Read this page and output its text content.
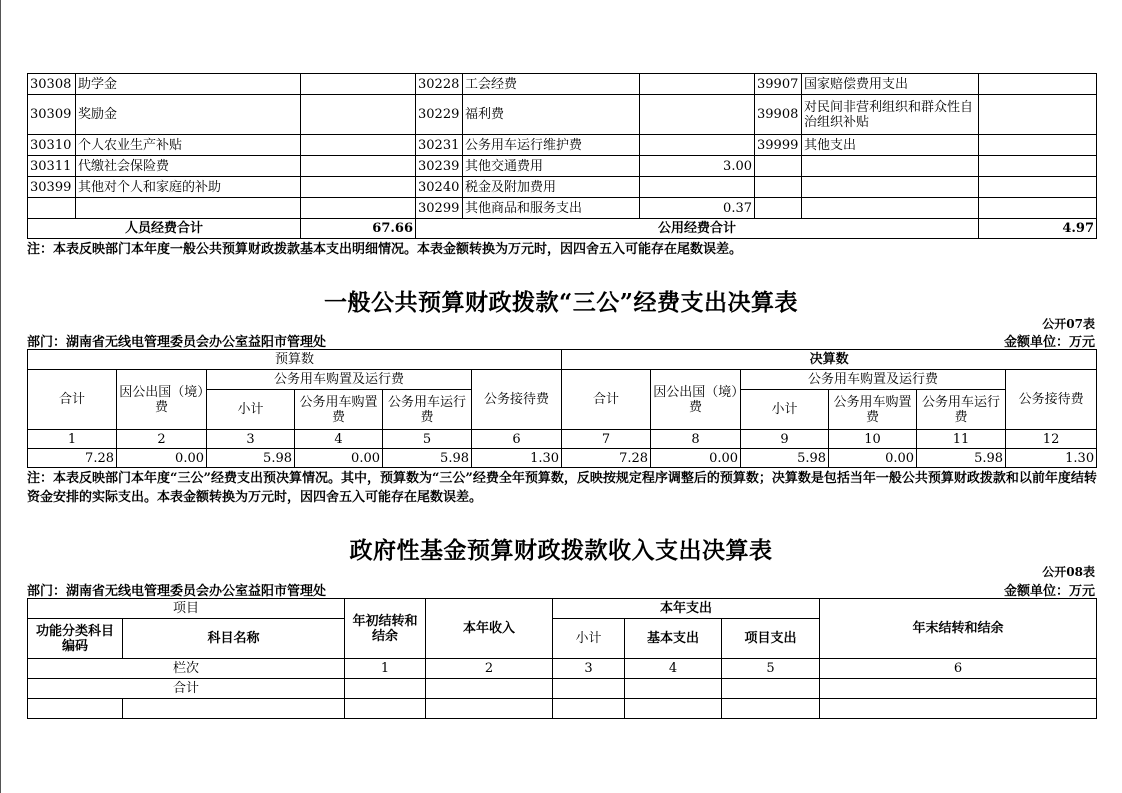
30308	助学金		30228	工会经费		39907	国家赔偿费用支出	
30309	奖励金		30229	福利费		39908	对民间非营利组织和群众性自治组织补贴	
30310	个人农业生产补贴		30231	公务用车运行维护费		39999	其他支出	
30311	代缴社会保险费		30239	其他交通费用	3.00			
30399	其他对个人和家庭的补助		30240	税金及附加费用				
			30299	其他商品和服务支出	0.37			
人员经费合计		67.66	公用经费合计					4.97
注：本表反映部门本年度一般公共预算财政拨款基本支出明细情况。本表金额转换为万元时，因四舍五入可能存在尾数误差。
一般公共预算财政拨款“三公”经费支出决算表
公开07表
部门：湖南省无线电管理委员会办公室益阳市管理处	金额单位：万元
预算数						决算数					
合计	因公出国（境）费	公务用车购置及运行费			公务接待费	合计	因公出国（境）费	公务用车购置及运行费			公务接待费
		小计	公务用车购置费	公务用车运行费				小计	公务用车购置费	公务用车运行费	
1	2	3	4	5	6	7	8	9	10	11	12
7.28	0.00	5.98	0.00	5.98	1.30	7.28	0.00	5.98	0.00	5.98	1.30
注：本表反映部门本年度“三公”经费支出预决算情况。其中，预算数为“三公”经费全年预算数，反映按规定程序调整后的预算数；决算数是包括当年一般公共预算财政拨款和以前年度结转资金安排的实际支出。本表金额转换为万元时，因四舍五入可能存在尾数误差。
政府性基金预算财政拨款收入支出决算表
公开08表
部门：湖南省无线电管理委员会办公室益阳市管理处	金额单位：万元
项目		年初结转和结余	本年收入	本年支出			年末结转和结余
功能分类科目编码	科目名称			小计	基本支出	项目支出	
栏次		1	2	3	4	5	6
合计							
